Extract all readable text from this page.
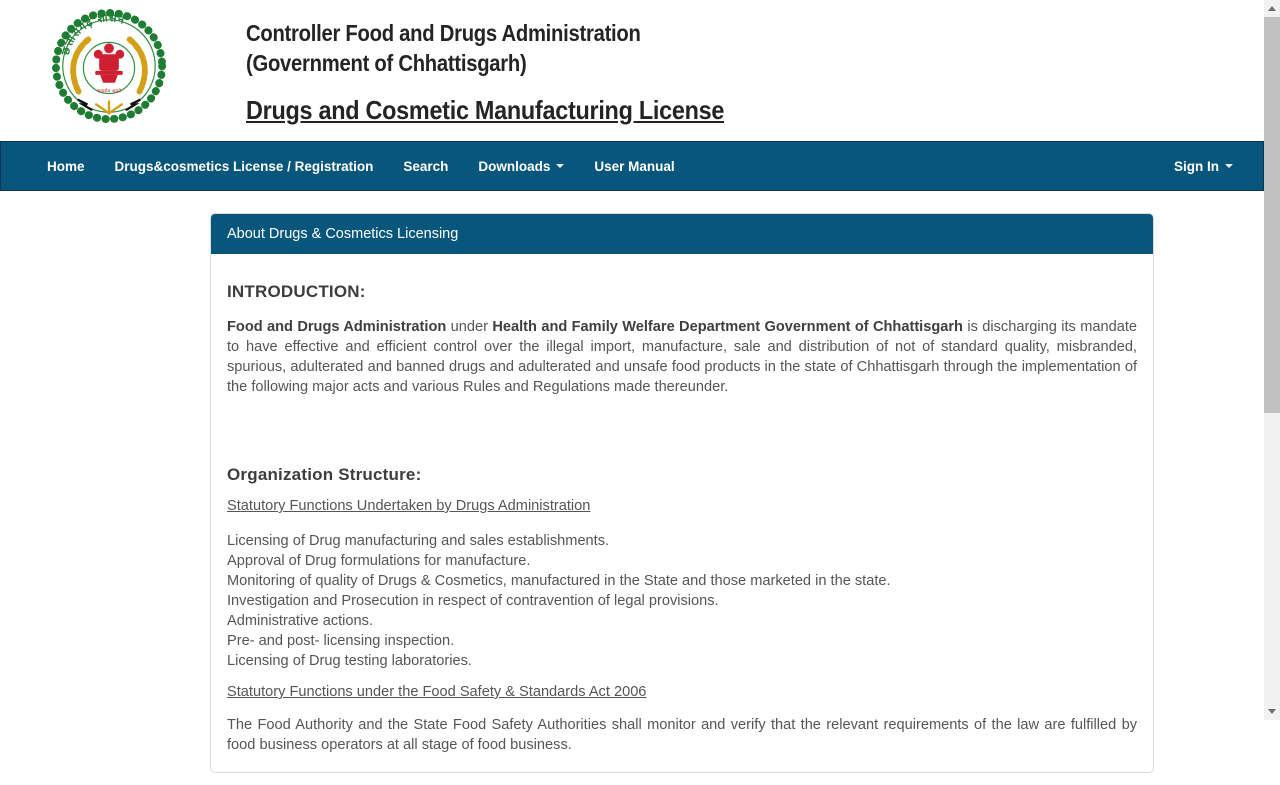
छत्तीसगढ़ शासन
सत्यमेव जयते
Controller Food and Drugs Administration
(Government of Chhattisgarh)
Drugs and Cosmetic Manufacturing License
Home Drugs&cosmetics License / Registration Search Downloads	User Manual	Sign In
About Drugs & Cosmetics Licensing
INTRODUCTION:

Food and Drugs Administration under Health and Family Welfare Department Government of Chhattisgarh is discharging its mandate to have effective and efficient control over the illegal import, manufacture, sale and distribution of not of standard quality, misbranded, spurious, adulterated and banned drugs and adulterated and unsafe food products in the state of Chhattisgarh through the implementation of the following major acts and various Rules and Regulations made thereunder.

Organization Structure:
Statutory Functions Undertaken by Drugs Administration
Licensing of Drug manufacturing and sales establishments.
Approval of Drug formulations for manufacture.
Monitoring of quality of Drugs & Cosmetics, manufactured in the State and those marketed in the state.
Investigation and Prosecution in respect of contravention of legal provisions.
Administrative actions.
Pre- and post- licensing inspection.
Licensing of Drug testing laboratories.
Statutory Functions under the Food Safety & Standards Act 2006

The Food Authority and the State Food Safety Authorities shall monitor and verify that the relevant requirements of the law are fulfilled by food business operators at all stage of food business.
